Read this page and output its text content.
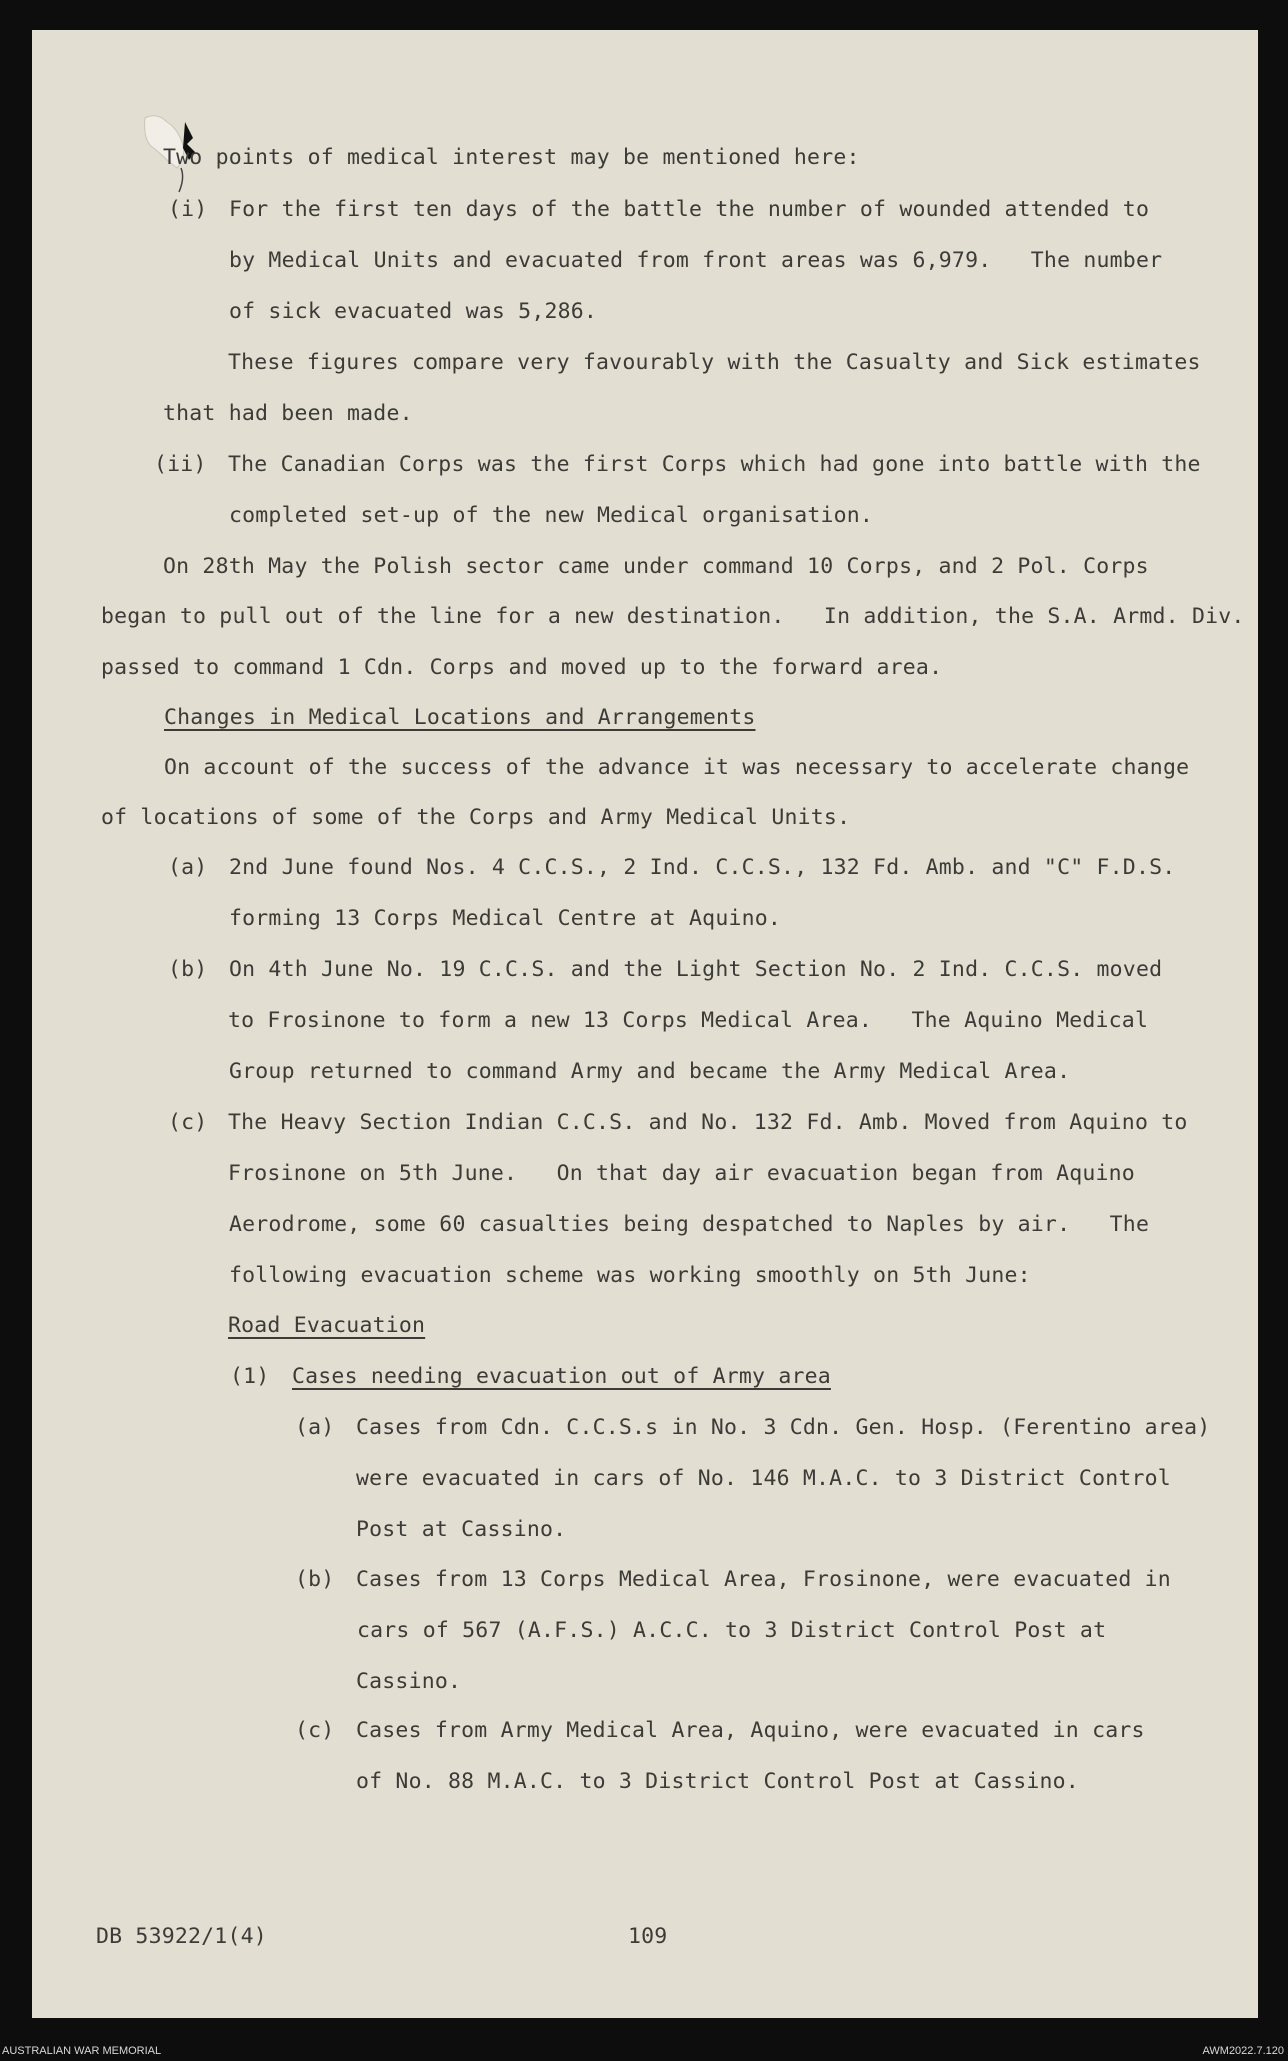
Two points of medical interest may be mentioned here:
(i) For the first ten days of the battle the number of wounded attended to
by Medical Units and evacuated from front areas was 6,979.   The number
of sick evacuated was 5,286.
These figures compare very favourably with the Casualty and Sick estimates
that had been made.
(ii) The Canadian Corps was the first Corps which had gone into battle with the
completed set-up of the new Medical organisation.
On 28th May the Polish sector came under command 10 Corps, and 2 Pol. Corps
began to pull out of the line for a new destination.   In addition, the S.A. Armd. Div.
passed to command 1 Cdn. Corps and moved up to the forward area.
Changes in Medical Locations and Arrangements
On account of the success of the advance it was necessary to accelerate change
of locations of some of the Corps and Army Medical Units.
(a) 2nd June found Nos. 4 C.C.S., 2 Ind. C.C.S., 132 Fd. Amb. and "C" F.D.S.
forming 13 Corps Medical Centre at Aquino.
(b) On 4th June No. 19 C.C.S. and the Light Section No. 2 Ind. C.C.S. moved
to Frosinone to form a new 13 Corps Medical Area.   The Aquino Medical
Group returned to command Army and became the Army Medical Area.
(c) The Heavy Section Indian C.C.S. and No. 132 Fd. Amb. Moved from Aquino to
Frosinone on 5th June.   On that day air evacuation began from Aquino
Aerodrome, some 60 casualties being despatched to Naples by air.   The
following evacuation scheme was working smoothly on 5th June:
Road Evacuation
(1) Cases needing evacuation out of Army area
(a) Cases from Cdn. C.C.S.s in No. 3 Cdn. Gen. Hosp. (Ferentino area)
were evacuated in cars of No. 146 M.A.C. to 3 District Control
Post at Cassino.
(b) Cases from 13 Corps Medical Area, Frosinone, were evacuated in
cars of 567 (A.F.S.) A.C.C. to 3 District Control Post at
Cassino.
(c) Cases from Army Medical Area, Aquino, were evacuated in cars
of No. 88 M.A.C. to 3 District Control Post at Cassino.
DB 53922/1(4)	109
AUSTRALIAN WAR MEMORIAL	AWM2022.7.120
